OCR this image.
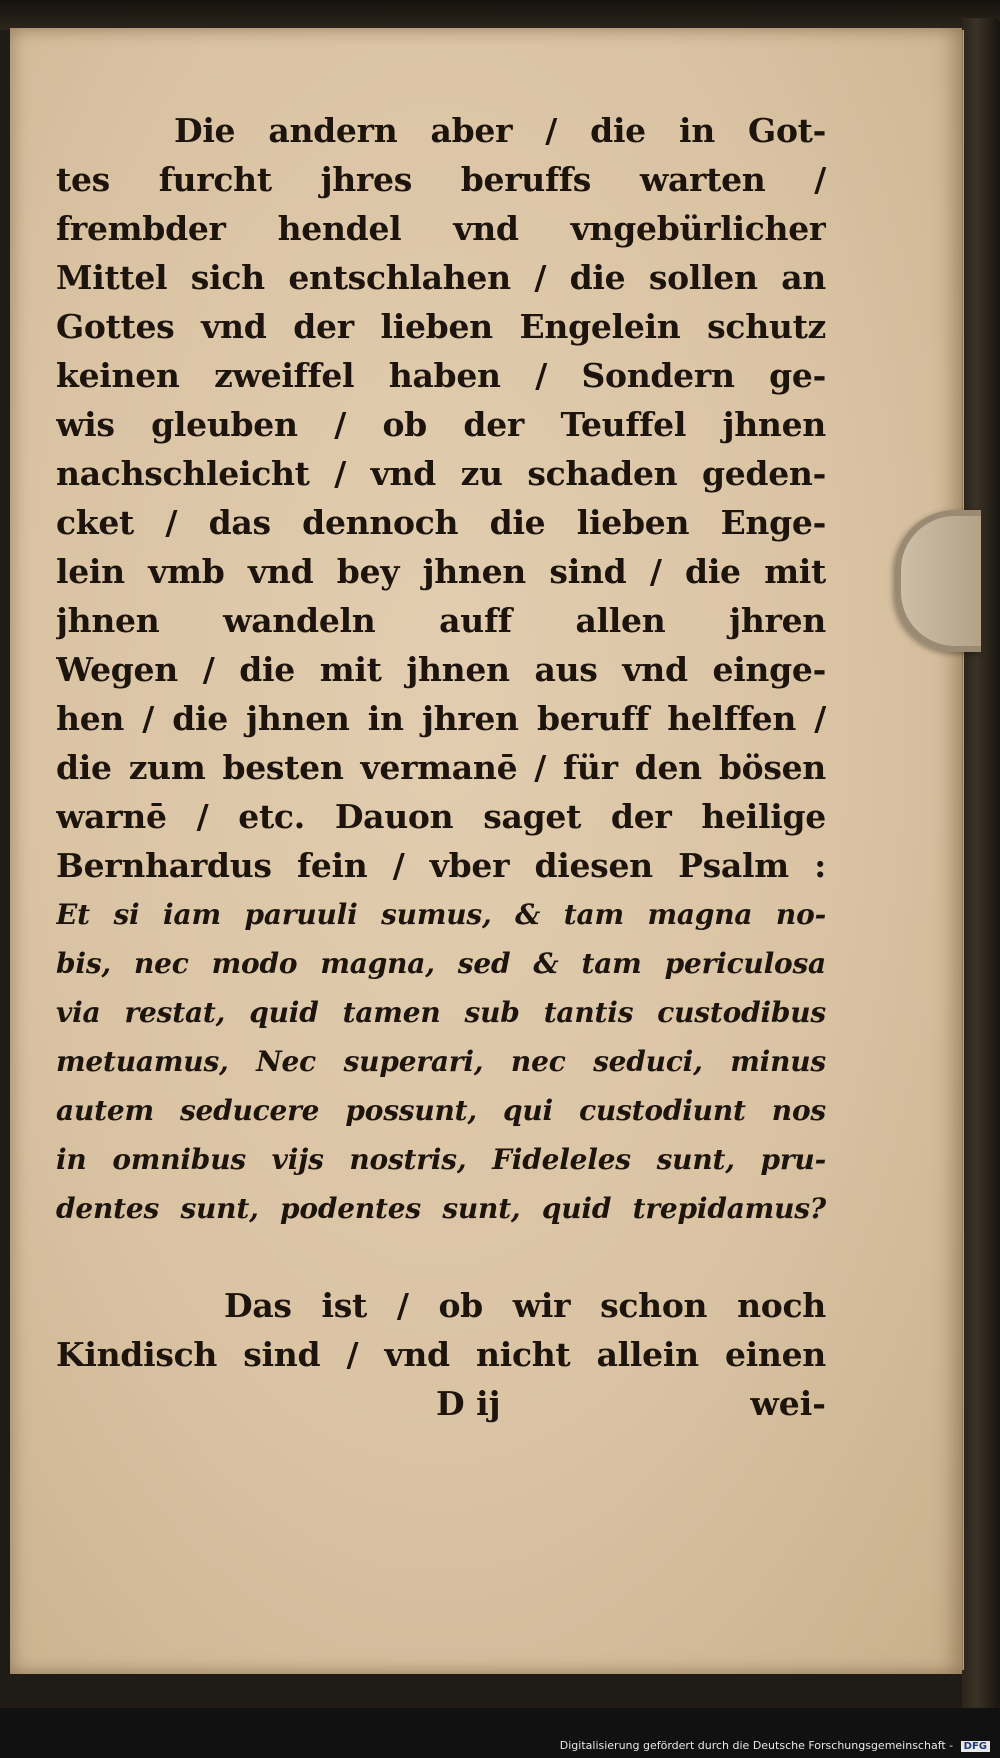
Die andern aber / die in Got-
tes furcht jhres beruffs warten /
frembder hendel vnd vngebürlicher
Mittel sich entschlahen / die sollen an
Gottes vnd der lieben Engelein schutz
keinen zweiffel haben / Sondern ge-
wis gleuben / ob der Teuffel jhnen
nachschleicht / vnd zu schaden geden-
cket / das dennoch die lieben Enge-
lein vmb vnd bey jhnen sind / die mit
jhnen wandeln auff allen jhren
Wegen / die mit jhnen aus vnd einge-
hen / die jhnen in jhren beruff helffen /
die zum besten vermanē / für den bösen
warnē / etc. Dauon saget der heilige
Bernhardus fein / vber diesen Psalm :
Et si iam paruuli sumus, & tam magna no-
bis, nec modo magna, sed & tam periculosa
via restat, quid tamen sub tantis custodibus
metuamus, Nec superari, nec seduci, minus
autem seducere possunt, qui custodiunt nos
in omnibus vijs nostris, Fideleles sunt, pru-
dentes sunt, podentes sunt, quid trepidamus?
Das ist / ob wir schon noch
Kindisch sind / vnd nicht allein einen
D ij	wei-
Digitalisierung gefördert durch die Deutsche Forschungsgemeinschaft - DFG
